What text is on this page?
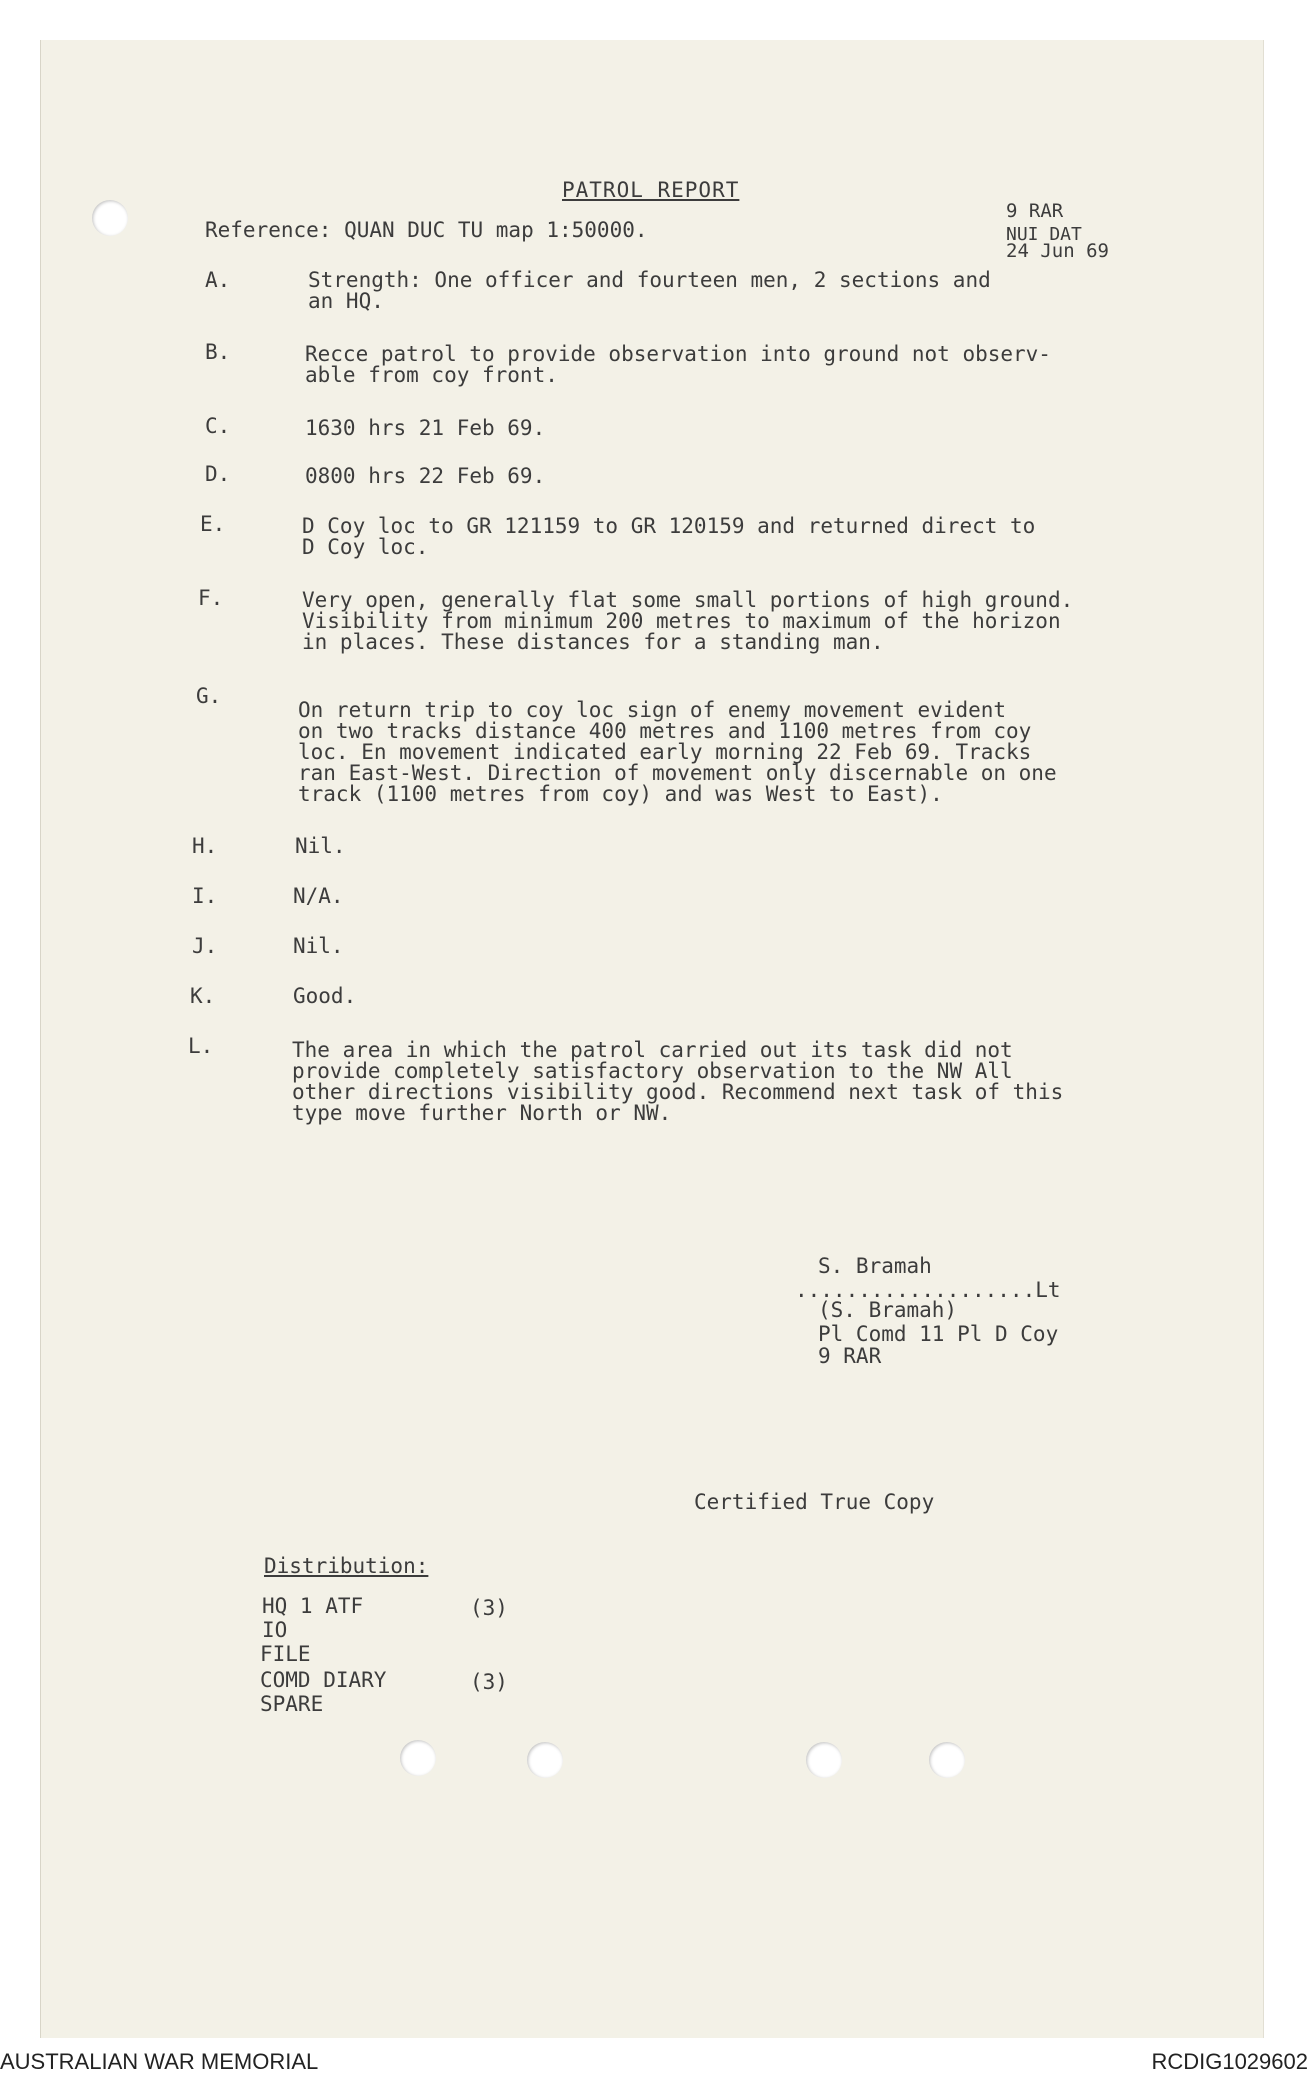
PATROL REPORT
Reference: QUAN DUC TU map 1:50000.
9 RAR
NUI DAT
24 Jun 69
A.	Strength: One officer and fourteen men, 2 sections and
an HQ.
B.	Recce patrol to provide observation into ground not observ-
able from coy front.
C.	1630 hrs 21 Feb 69.
D.	0800 hrs 22 Feb 69.
E.	D Coy loc to GR 121159 to GR 120159 and returned direct to
D Coy loc.
F.	Very open, generally flat some small portions of high ground.
Visibility from minimum 200 metres to maximum of the horizon
in places. These distances for a standing man.
G.
On return trip to coy loc sign of enemy movement evident
on two tracks distance 400 metres and 1100 metres from coy
loc. En movement indicated early morning 22 Feb 69. Tracks
ran East-West. Direction of movement only discernable on one
track (1100 metres from coy) and was West to East).
H.	Nil.
I.	N/A.
J.	Nil.
K.	Good.
L.	The area in which the patrol carried out its task did not
provide completely satisfactory observation to the NW All
other directions visibility good. Recommend next task of this
type move further North or NW.
S. Bramah
...................Lt
(S. Bramah)
Pl Comd 11 Pl D Coy
9 RAR
Certified True Copy
Distribution:
HQ 1 ATF	(3)
IO
FILE
COMD DIARY	(3)
SPARE
AUSTRALIAN WAR MEMORIAL	RCDIG1029602
